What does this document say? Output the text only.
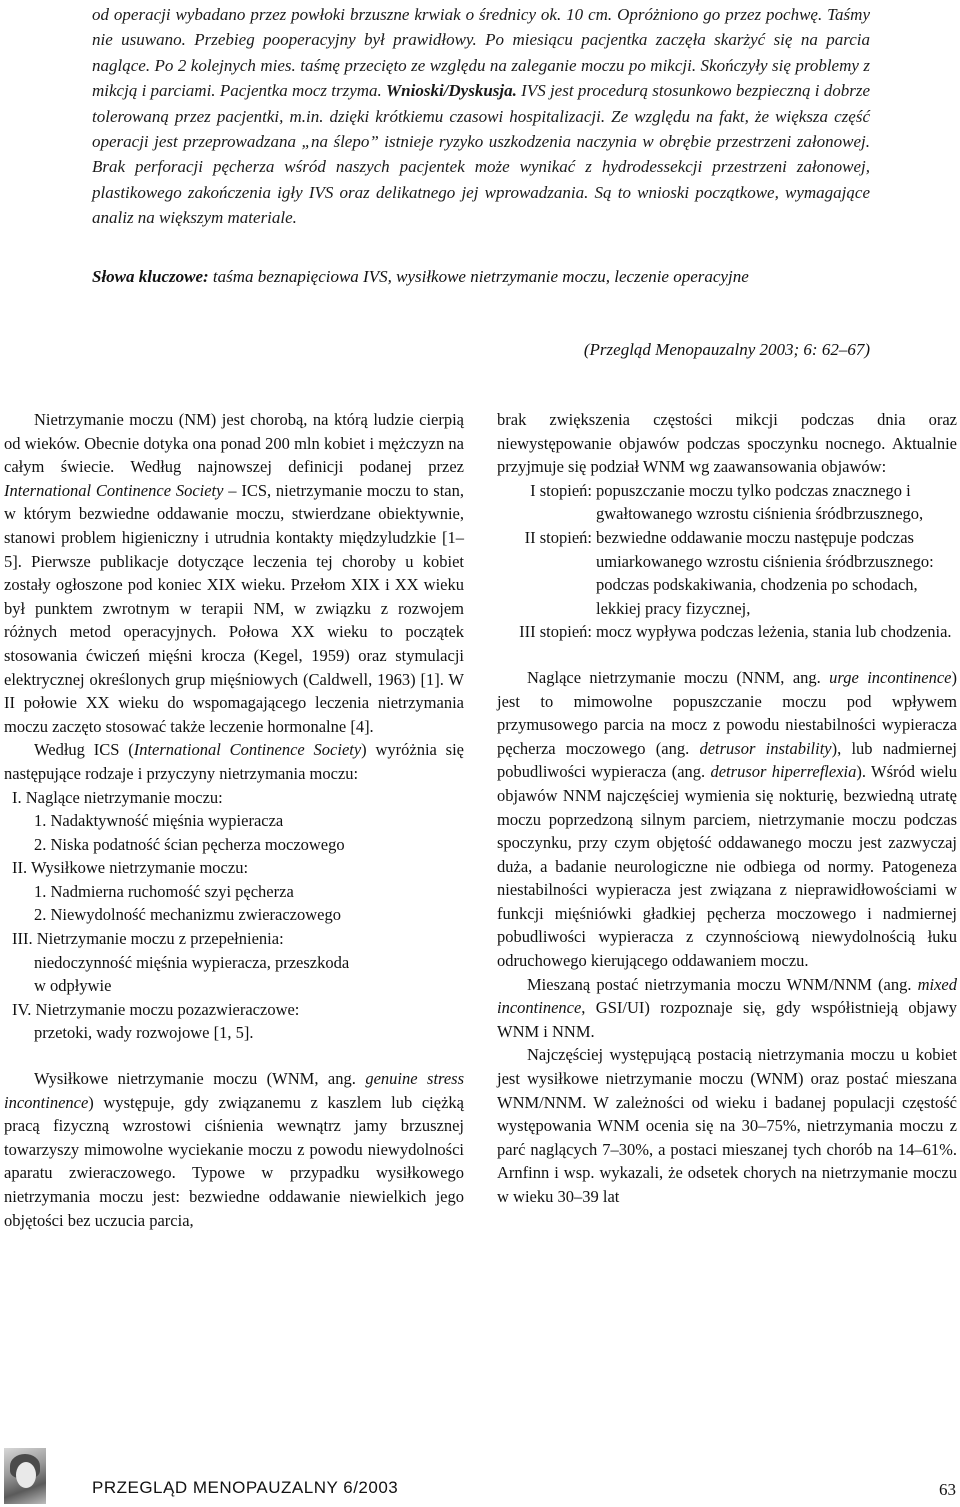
od operacji wybadano przez powłoki brzuszne krwiak o średnicy ok. 10 cm. Opróżniono go przez pochwę. Taśmy nie usuwano. Przebieg pooperacyjny był prawidłowy. Po miesiącu pacjentka zaczęła skarżyć się na parcia naglące. Po 2 kolejnych mies. taśmę przecięto ze względu na zaleganie moczu po mikcji. Skończyły się problemy z mikcją i parciami. Pacjentka mocz trzyma. Wnioski/Dyskusja. IVS jest procedurą stosunkowo bezpieczną i dobrze tolerowaną przez pacjentki, m.in. dzięki krótkiemu czasowi hospitalizacji. Ze względu na fakt, że większa część operacji jest przeprowadzana „na ślepo” istnieje ryzyko uszkodzenia naczynia w obrębie przestrzeni załonowej. Brak perforacji pęcherza wśród naszych pacjentek może wynikać z hydrodessekcji przestrzeni załonowej, plastikowego zakończenia igły IVS oraz delikatnego jej wprowadzania. Są to wnioski początkowe, wymagające analiz na większym materiale.

Słowa kluczowe: taśma beznapięciowa IVS, wysiłkowe nietrzymanie moczu, leczenie operacyjne
(Przegląd Menopauzalny 2003; 6: 62–67)

Nietrzymanie moczu (NM) jest chorobą, na którą ludzie cierpią od wieków. Obecnie dotyka ona ponad 200 mln kobiet i mężczyzn na całym świecie. Według najnowszej definicji podanej przez International Continence Society – ICS, nietrzymanie moczu to stan, w którym bezwiedne oddawanie moczu, stwierdzane obiektywnie, stanowi problem higieniczny i utrudnia kontakty międzyludzkie [1–5]. Pierwsze publikacje dotyczące leczenia tej choroby u kobiet zostały ogłoszone pod koniec XIX wieku. Przełom XIX i XX wieku był punktem zwrotnym w terapii NM, w związku z rozwojem różnych metod operacyjnych. Połowa XX wieku to początek stosowania ćwiczeń mięśni krocza (Kegel, 1959) oraz stymulacji elektrycznej określonych grup mięśniowych (Caldwell, 1963) [1]. W II połowie XX wieku do wspomagającego leczenia nietrzymania moczu zaczęto stosować także leczenie hormonalne [4].

Według ICS (International Continence Society) wyróżnia się następujące rodzaje i przyczyny nietrzymania moczu:

I. Naglące nietrzymanie moczu:
1. Nadaktywność mięśnia wypieracza
2. Niska podatność ścian pęcherza moczowego
II. Wysiłkowe nietrzymanie moczu:
1. Nadmierna ruchomość szyi pęcherza
2. Niewydolność mechanizmu zwieraczowego
III. Nietrzymanie moczu z przepełnienia:
niedoczynność mięśnia wypieracza, przeszkoda
w odpływie
IV. Nietrzymanie moczu pozazwieraczowe:
przetoki, wady rozwojowe [1, 5].

Wysiłkowe nietrzymanie moczu (WNM, ang. genuine stress incontinence) występuje, gdy związanemu z kaszlem lub ciężką pracą fizyczną wzrostowi ciśnienia wewnątrz jamy brzusznej towarzyszy mimowolne wyciekanie moczu z powodu niewydolności aparatu zwieraczowego. Typowe w przypadku wysiłkowego nietrzymania moczu jest: bezwiedne oddawanie niewielkich jego objętości bez uczucia parcia,

brak zwiększenia częstości mikcji podczas dnia oraz niewystępowanie objawów podczas spoczynku nocnego. Aktualnie przyjmuje się podział WNM wg zaawansowania objawów:

I stopień: popuszczanie moczu tylko podczas znacznego i gwałtowanego wzrostu ciśnienia śródbrzusznego,
II stopień: bezwiedne oddawanie moczu następuje podczas umiarkowanego wzrostu ciśnienia śródbrzusznego: podczas podskakiwania, chodzenia po schodach, lekkiej pracy fizycznej,
III stopień: mocz wypływa podczas leżenia, stania lub chodzenia.

Naglące nietrzymanie moczu (NNM, ang. urge incontinence) jest to mimowolne popuszczanie moczu pod wpływem przymusowego parcia na mocz z powodu niestabilności wypieracza pęcherza moczowego (ang. detrusor instability), lub nadmiernej pobudliwości wypieracza (ang. detrusor hiperreflexia). Wśród wielu objawów NNM najczęściej wymienia się nokturię, bezwiedną utratę moczu poprzedzoną silnym parciem, nietrzymanie moczu podczas spoczynku, przy czym objętość oddawanego moczu jest zazwyczaj duża, a badanie neurologiczne nie odbiega od normy. Patogeneza niestabilności wypieracza jest związana z nieprawidłowościami w funkcji mięśniówki gładkiej pęcherza moczowego i nadmiernej pobudliwości wypieracza z czynnościową niewydolnością łuku odruchowego kierującego oddawaniem moczu.

Mieszaną postać nietrzymania moczu WNM/NNM (ang. mixed incontinence, GSI/UI) rozpoznaje się, gdy współistnieją objawy WNM i NNM.

Najczęściej występującą postacią nietrzymania moczu u kobiet jest wysiłkowe nietrzymanie moczu (WNM) oraz postać mieszana WNM/NNM. W zależności od wieku i badanej populacji częstość występowania WNM ocenia się na 30–75%, nietrzymania moczu z parć naglących 7–30%, a postaci mieszanej tych chorób na 14–61%. Arnfinn i wsp. wykazali, że odsetek chorych na nietrzymanie moczu w wieku 30–39 lat

PRZEGLĄD MENOPAUZALNY 6/2003	63
